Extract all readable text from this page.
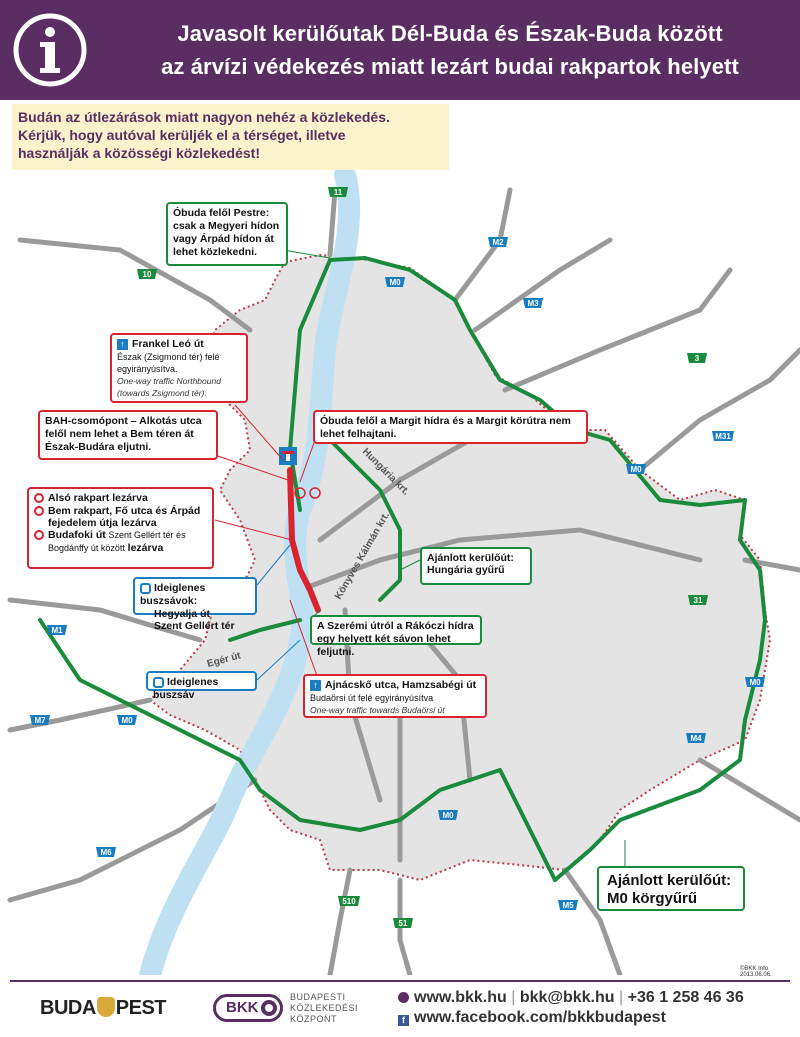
Javasolt kerülőutak Dél-Buda és Észak-Buda között
az árvízi védekezés miatt lezárt budai rakpartok helyett
Budán az útlezárások miatt nagyon nehéz a közlekedés.
Kérjük, hogy autóval kerüljék el a térséget, illetve
használják a közösségi közlekedést!
11
M2
10
M3
3
M31
M0
M0
31
M1
M0
M7	M0
M0
M4
M6
M5
510
51
Hungária krt.
Könyves Kálmán krt.
Egér út
Óbuda felől Pestre: csak a Megyeri hídon vagy Árpád hídon át lehet közlekedni.
↑ Frankel Leó út
Észak (Zsigmond tér) felé
egyirányúsítva.
One-way traffic Northbound (towards Zsigmond tér).
BAH-csomópont – Alkotás utca felől nem lehet a Bem téren át Észak-Budára eljutni.
Óbuda felől a Margit hídra és a Margit körútra nem lehet felhajtani.
Alsó rakpart lezárva
Bem rakpart, Fő utca és Árpád fejedelem útja lezárva
Budafoki út Szent Gellért tér és Bogdánffy út között lezárva
Ajánlott kerülőút:
Hungária gyűrű
Ideiglenes buszsávok:
Hegyalja út
Szent Gellért tér	A Szerémi útról a Rákóczi hídra egy helyett két sávon lehet feljutni.
Ideiglenes buszsáv
↑ Ajnácskő utca, Hamzsabégi út
Budaörsi út felé egyirányúsítva
One-way traffic towards Budaörsi út
Ajánlott kerülőút:
M0 körgyűrű
©BKK Info 2013.06.06.
BUDA PEST	BKK
BUDAPESTI
KÖZLEKEDÉSI
KÖZPONT
www.bkk.hu | bkk@bkk.hu | +36 1 258 46 36
f www.facebook.com/bkkbudapest
